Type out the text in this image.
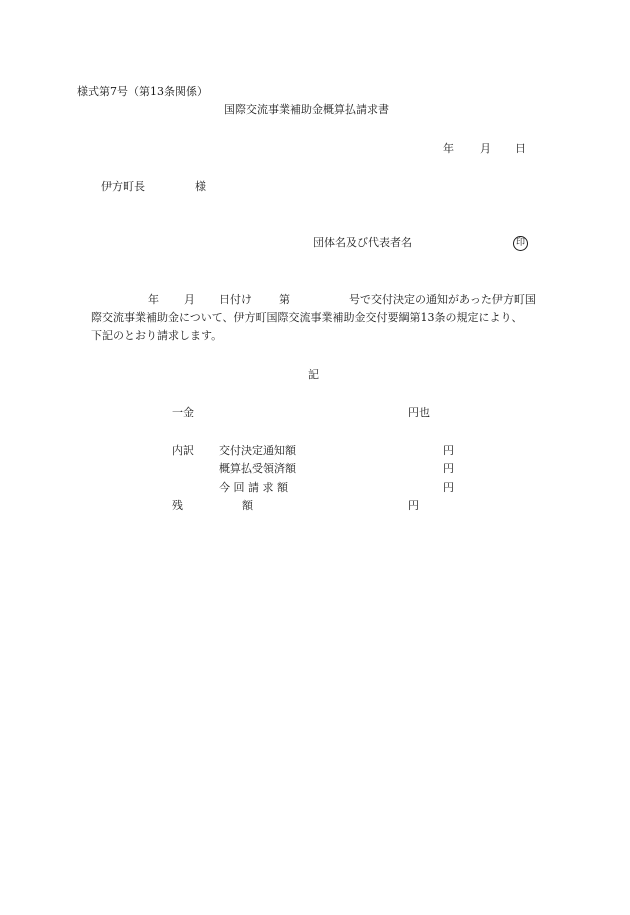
様式第7号（第13条関係）
国際交流事業補助金概算払請求書
年 月 日
伊方町長	様
団体名及び代表者名	印
年 月 日付け 第	号で交付決定の通知があった伊方町国
際交流事業補助金について、伊方町国際交流事業補助金交付要綱第13条の規定により、
下記のとおり請求します。
記
一金	円也
内訳 交付決定通知額	円
概算払受領済額	円
今 回 請 求 額	円
残	額	円
